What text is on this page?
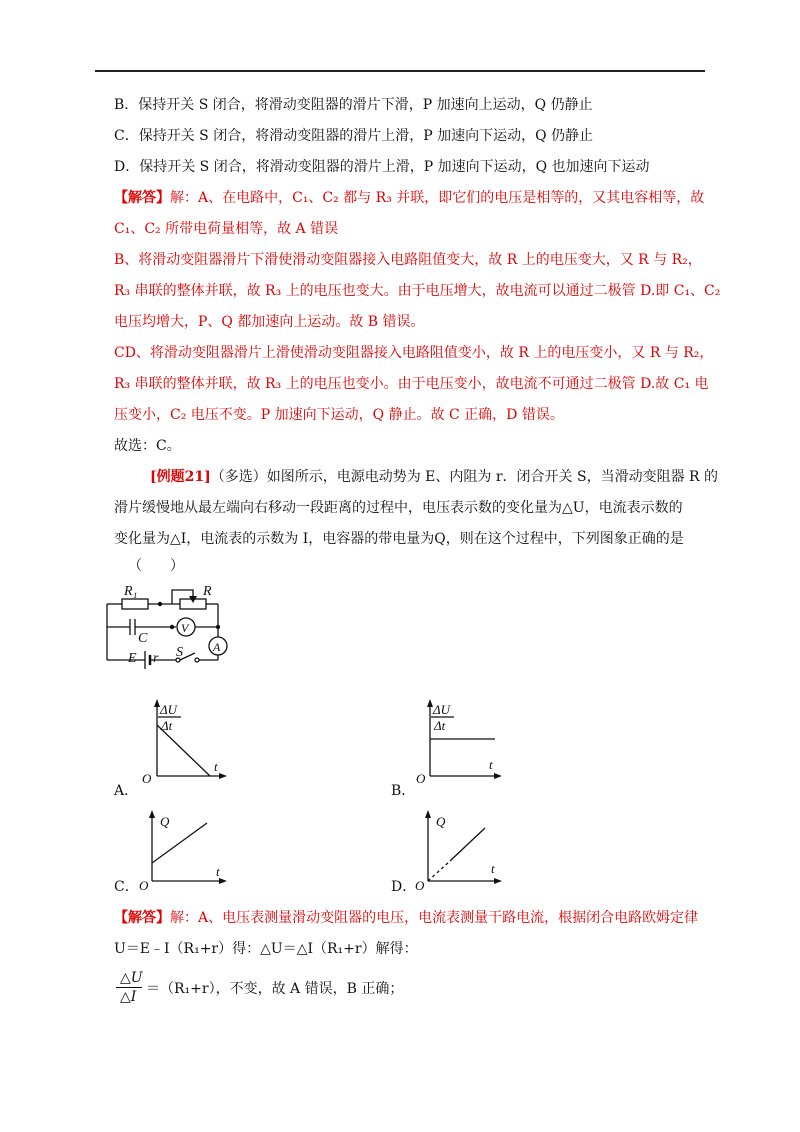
B．保持开关 S 闭合，将滑动变阻器的滑片下滑，P 加速向上运动，Q 仍静止
C．保持开关 S 闭合，将滑动变阻器的滑片上滑，P 加速向下运动，Q 仍静止
D．保持开关 S 闭合，将滑动变阻器的滑片上滑，P 加速向下运动，Q 也加速向下运动
【解答】解：A、在电路中，C₁、C₂ 都与 R₃ 并联，即它们的电压是相等的，又其电容相等，故
C₁、C₂ 所带电荷量相等，故 A 错误
B、将滑动变阻器滑片下滑使滑动变阻器接入电路阻值变大，故 R 上的电压变大，又 R 与 R₂，
R₃ 串联的整体并联，故 R₃ 上的电压也变大。由于电压增大，故电流可以通过二极管 D.即 C₁、C₂
电压均增大，P、Q 都加速向上运动。故 B 错误。
CD、将滑动变阻器滑片上滑使滑动变阻器接入电路阻值变小，故 R 上的电压变小，又 R 与 R₂，
R₃ 串联的整体并联，故 R₃ 上的电压也变小。由于电压变小，故电流不可通过二极管 D.故 C₁ 电
压变小，C₂ 电压不变。P 加速向下运动，Q 静止。故 C 正确，D 错误。
故选：C。
[例题21]（多选）如图所示，电源电动势为 E、内阻为 r．闭合开关 S，当滑动变阻器 R 的
滑片缓慢地从最左端向右移动一段距离的过程中，电压表示数的变化量为△U，电流表示数的
变化量为△I，电流表的示数为 I，电容器的带电量为Q，则在这个过程中，下列图象正确的是
（　　）
R₁	R
C
V
A
E r S
ΔU
Δt
t
O
A．
ΔU
Δt
t
O
B．
Q
t
O
C．
Q
t
O
D．
【解答】解：A、电压表测量滑动变阻器的电压，电流表测量干路电流，根据闭合电路欧姆定律
U＝E﹣I（R₁+r）得：△U＝△I（R₁+r）解得：
△U
△I ＝（R₁+r），不变，故 A 错误，B 正确；
